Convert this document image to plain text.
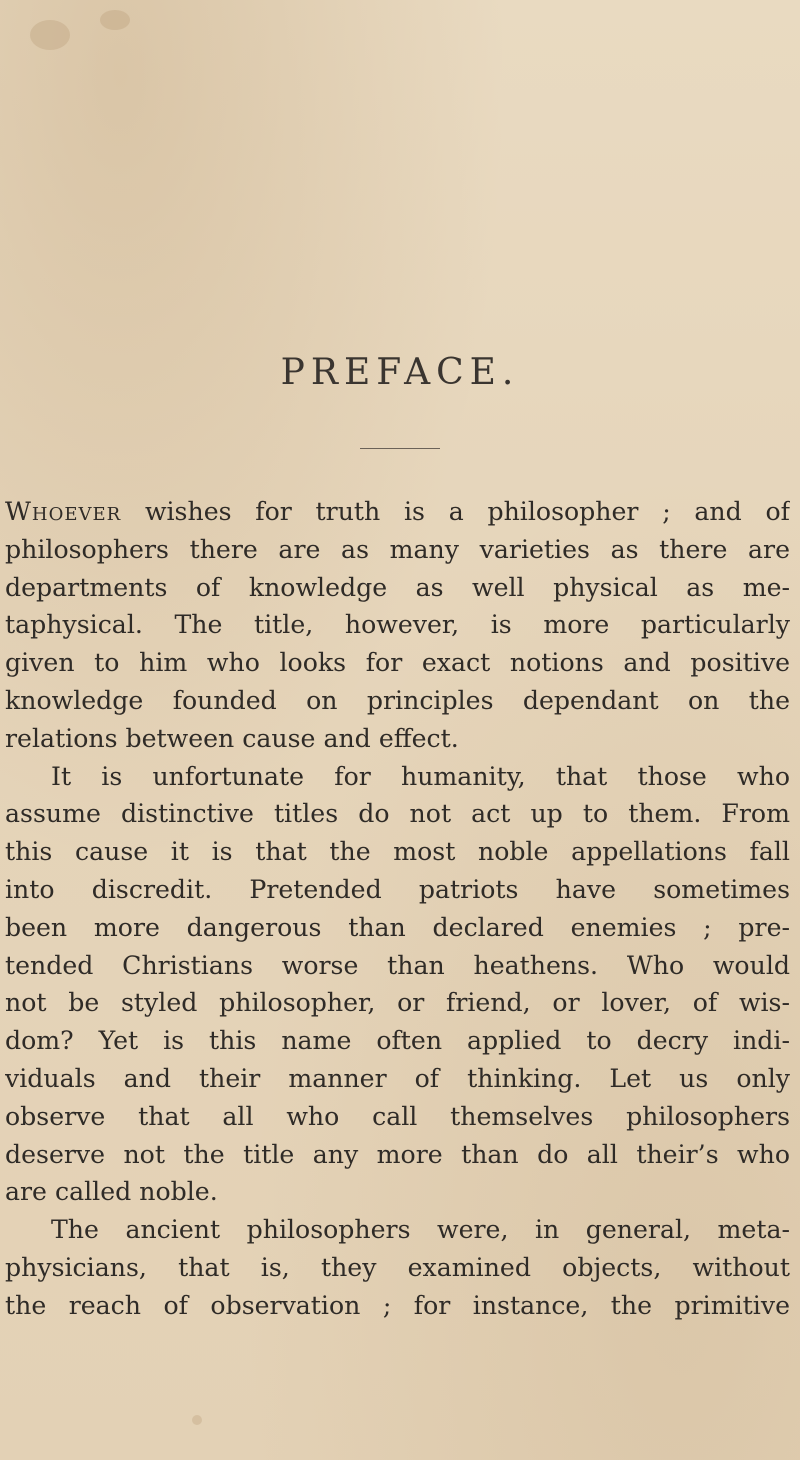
PREFACE.
Whoever wishes for truth is a philosopher ; and of
philosophers there are as many varieties as there are
departments of knowledge as well physical as me-
taphysical. The title, however, is more particularly
given to him who looks for exact notions and positive
knowledge founded on principles dependant on the
relations between cause and effect.
It is unfortunate for humanity, that those who
assume distinctive titles do not act up to them. From
this cause it is that the most noble appellations fall
into discredit. Pretended patriots have sometimes
been more dangerous than declared enemies ; pre-
tended Christians worse than heathens. Who would
not be styled philosopher, or friend, or lover, of wis-
dom? Yet is this name often applied to decry indi-
viduals and their manner of thinking. Let us only
observe that all who call themselves philosophers
deserve not the title any more than do all their’s who
are called noble.
The ancient philosophers were, in general, meta-
physicians, that is, they examined objects, without
the reach of observation ; for instance, the primitive
